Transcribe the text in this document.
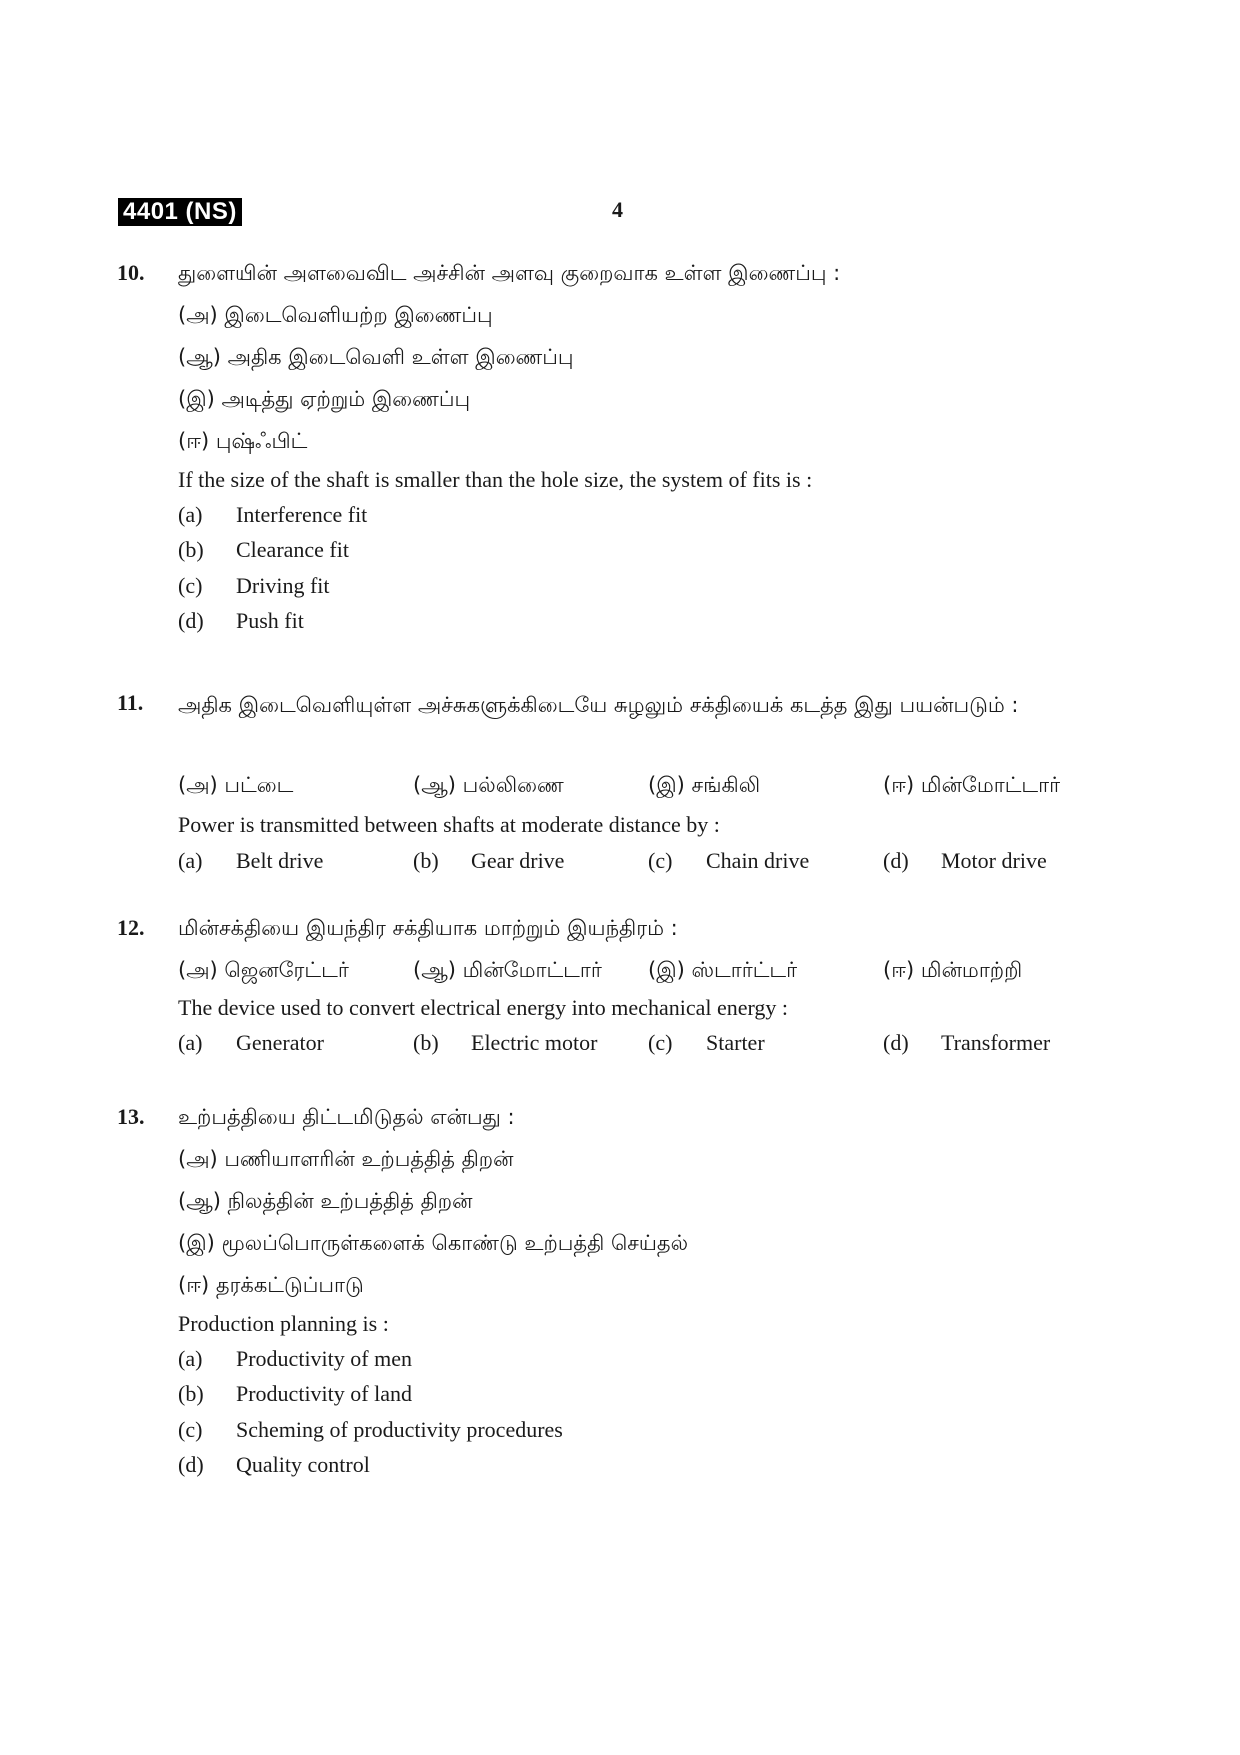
4401 (NS)	4
10. துளையின் அளவைவிட அச்சின் அளவு குறைவாக உள்ள இணைப்பு :
(அ) இடைவெளியற்ற இணைப்பு
(ஆ) அதிக இடைவெளி உள்ள இணைப்பு
(இ) அடித்து ஏற்றும் இணைப்பு
(ஈ) புஷ்ஃபிட்
If the size of the shaft is smaller than the hole size, the system of fits is :
(a) Interference fit
(b) Clearance fit
(c) Driving fit
(d) Push fit
11. அதிக இடைவெளியுள்ள அச்சுகளுக்கிடையே சுழலும் சக்தியைக் கடத்த இது பயன்படும் :
(அ) பட்டை	(ஆ) பல்லிணை	(இ) சங்கிலி	(ஈ) மின்மோட்டார்
Power is transmitted between shafts at moderate distance by :
(a) Belt drive	(b) Gear drive	(c) Chain drive	(d) Motor drive
12. மின்சக்தியை இயந்திர சக்தியாக மாற்றும் இயந்திரம் :
(அ) ஜெனரேட்டர்	(ஆ) மின்மோட்டார் (இ) ஸ்டார்ட்டர்	(ஈ) மின்மாற்றி
The device used to convert electrical energy into mechanical energy :
(a) Generator	(b) Electric motor (c) Starter	(d) Transformer
13. உற்பத்தியை திட்டமிடுதல் என்பது :
(அ) பணியாளரின் உற்பத்தித் திறன்
(ஆ) நிலத்தின் உற்பத்தித் திறன்
(இ) மூலப்பொருள்களைக் கொண்டு உற்பத்தி செய்தல்
(ஈ) தரக்கட்டுப்பாடு
Production planning is :
(a) Productivity of men
(b) Productivity of land
(c) Scheming of productivity procedures
(d) Quality control
